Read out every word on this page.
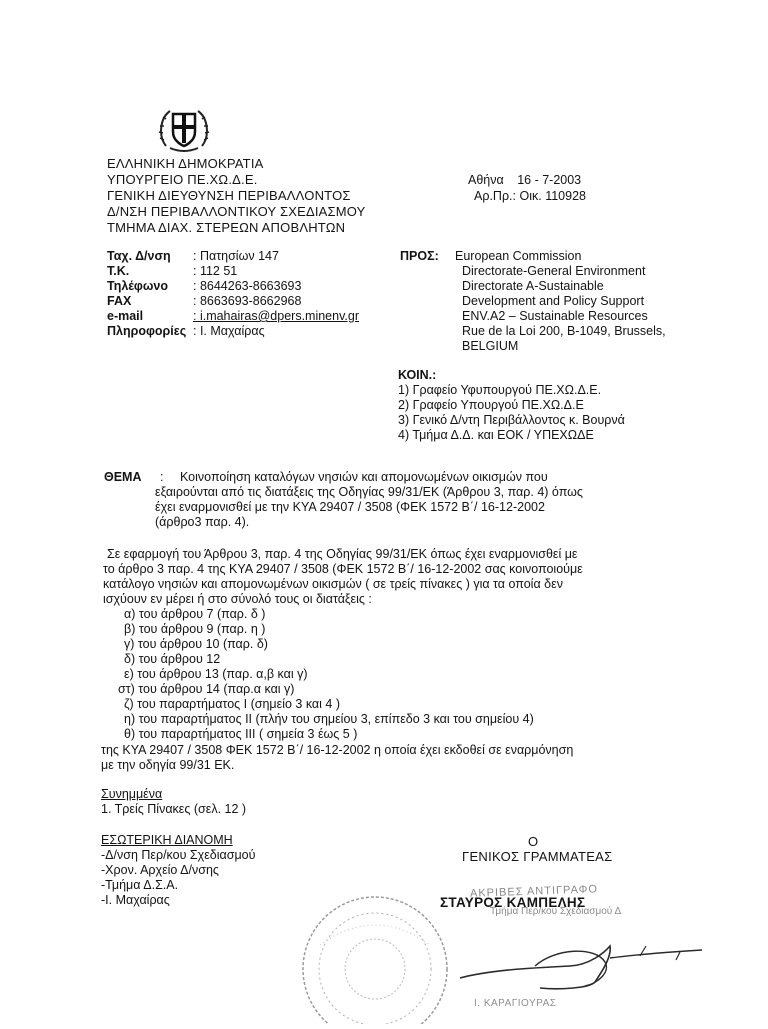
ΕΛΛΗΝΙΚΗ ΔΗΜΟΚΡΑΤΙΑ
ΥΠΟΥΡΓΕΙΟ ΠΕ.ΧΩ.Δ.Ε.
ΓΕΝΙΚΗ ΔΙΕΥΘΥΝΣΗ ΠΕΡΙΒΑΛΛΟΝΤΟΣ
Δ/ΝΣΗ ΠΕΡΙΒΑΛΛΟΝΤΙΚΟΥ ΣΧΕΔΙΑΣΜΟΥ
ΤΜΗΜΑ ΔΙΑΧ. ΣΤΕΡΕΩΝ ΑΠΟΒΛΗΤΩΝ
Αθήνα 16 - 7-2003
Αρ.Πρ.: Οικ. 110928
Ταχ. Δ/νση : Πατησίων 147
Τ.Κ.	: 112 51
Τηλέφωνο : 8644263-8663693
FAX	: 8663693-8662968
e-mail	: i.mahairas@dpers.minenv.gr
Πληροφορίες : Ι. Μαχαίρας
ΠΡΟΣ: European Commission
Directorate-General Environment
Directorate A-Sustainable
Development and Policy Support
ENV.A2 – Sustainable Resources
Rue de la Loi 200, B-1049, Brussels,
BELGIUM
ΚΟΙΝ.:
1) Γραφείο Υφυπουργού ΠΕ.ΧΩ.Δ.Ε.
2) Γραφείο Υπουργού ΠΕ.ΧΩ.Δ.Ε
3) Γενικό Δ/ντη Περιβάλλοντος κ. Βουρνά
4) Τμήμα Δ.Δ. και ΕΟΚ / ΥΠΕΧΩΔΕ
ΘΕΜΑ : Κοινοποίηση καταλόγων νησιών και απομονωμένων οικισμών που
εξαιρούνται από τις διατάξεις της Οδηγίας 99/31/ΕΚ (Άρθρου 3, παρ. 4) όπως
έχει εναρμονισθεί με την ΚΥΑ 29407 / 3508 (ΦΕΚ 1572 Β΄/ 16-12-2002
(άρθρο3 παρ. 4).
Σε εφαρμογή του Άρθρου 3, παρ. 4 της Οδηγίας 99/31/ΕΚ όπως έχει εναρμονισθεί με
το άρθρο 3 παρ. 4 της ΚΥΑ 29407 / 3508 (ΦΕΚ 1572 Β΄/ 16-12-2002 σας κοινοποιούμε
κατάλογο νησιών και απομονωμένων οικισμών ( σε τρείς πίνακες ) για τα οποία δεν
ισχύουν εν μέρει ή στο σύνολό τους οι διατάξεις :
α) του άρθρου 7 (παρ. δ )
β) του άρθρου 9 (παρ. η )
γ) του άρθρου 10 (παρ. δ)
δ) του άρθρου 12
ε) του άρθρου 13 (παρ. α,β και γ)
στ) του άρθρου 14 (παρ.α και γ)
ζ) του παραρτήματος Ι (σημείο 3 και 4 )
η) του παραρτήματος ΙΙ (πλήν του σημείου 3, επίπεδο 3 και του σημείου 4)
θ) του παραρτήματος ΙΙΙ ( σημεία 3 έως 5 )
της ΚΥΑ 29407 / 3508 ΦΕΚ 1572 Β΄/ 16-12-2002 η οποία έχει εκδοθεί σε εναρμόνηση
με την οδηγία 99/31 ΕΚ.
Συνημμένα
1. Τρείς Πίνακες (σελ. 12 )
ΕΣΩΤΕΡΙΚΗ ΔΙΑΝΟΜΗ
-Δ/νση Περ/κου Σχεδιασμού
-Χρον. Αρχείο Δ/νσης
-Τμήμα Δ.Σ.Α.
-Ι. Μαχαίρας
Ο
ΓΕΝΙΚΟΣ ΓΡΑΜΜΑΤΕΑΣ
ΑΚΡΙΒΕΣ ΑΝΤΙΓΡΑΦΟ
ΣΤΑΥΡΟΣ ΚΑΜΠΕΛΗΣ
Τμήμα Περ/κου Σχεδιασμού Δ
Ι. ΚΑΡΑΓΙΟΥΡΑΣ
